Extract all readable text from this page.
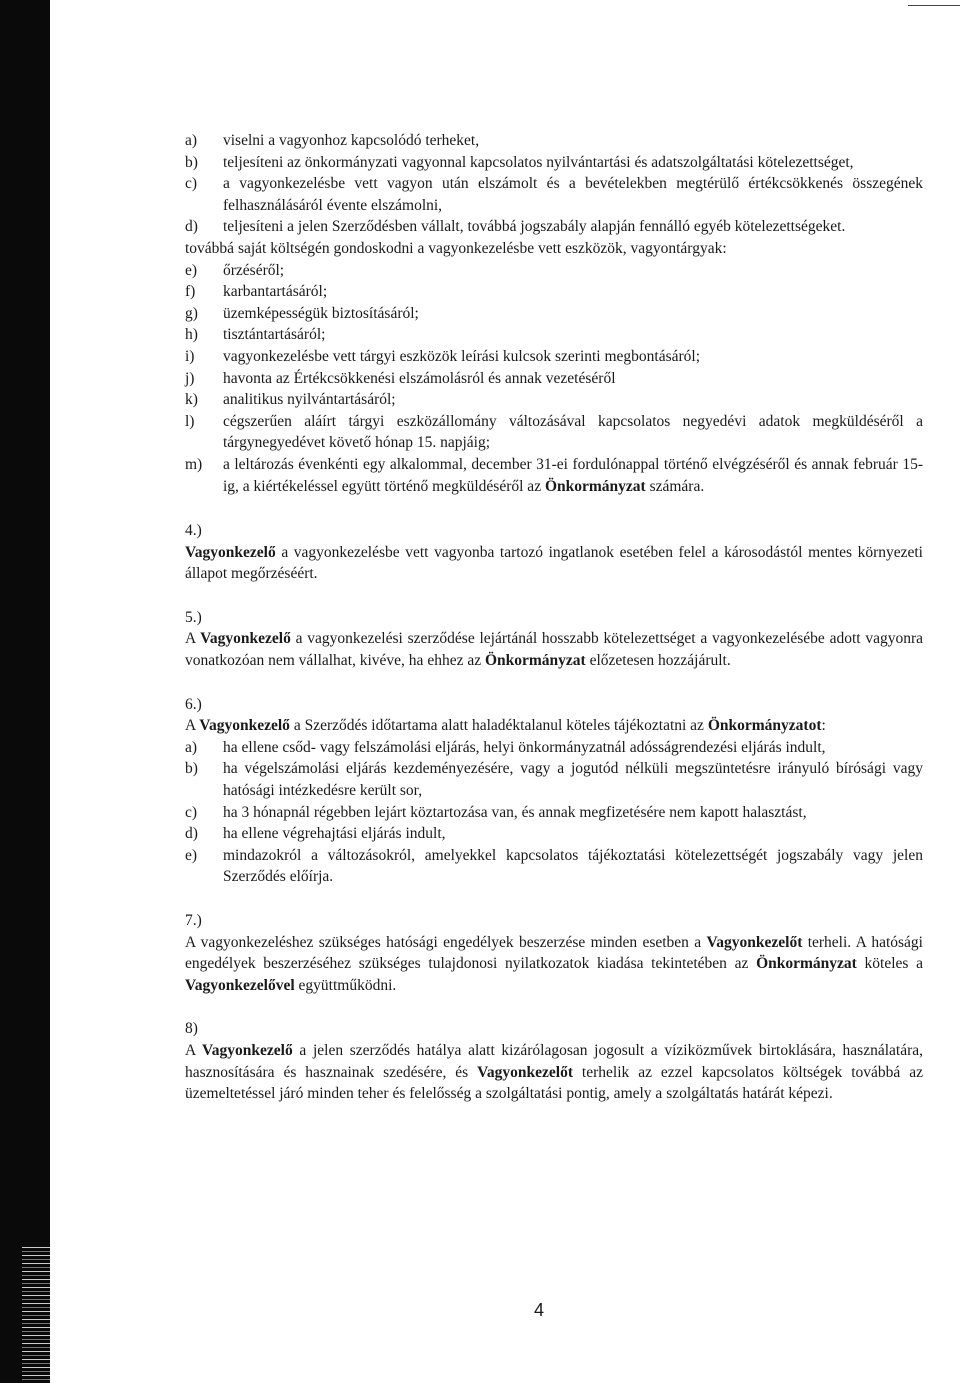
a)	viselni a vagyonhoz kapcsolódó terheket,
b)	teljesíteni az önkormányzati vagyonnal kapcsolatos nyilvántartási és adatszolgáltatási kötelezettséget,
c)	a vagyonkezelésbe vett vagyon után elszámolt és a bevételekben megtérülő értékcsökkenés összegének felhasználásáról évente elszámolni,
d)	teljesíteni a jelen Szerződésben vállalt, továbbá jogszabály alapján fennálló egyéb kötelezettségeket.
továbbá saját költségén gondoskodni a vagyonkezelésbe vett eszközök, vagyontárgyak:
e)	őrzéséről;
f)	karbantartásáról;
g)	üzemképességük biztosításáról;
h)	tisztántartásáról;
i)	vagyonkezelésbe vett tárgyi eszközök leírási kulcsok szerinti megbontásáról;
j)	havonta az Értékcsökkenési elszámolásról és annak vezetéséről
k)	analitikus nyilvántartásáról;
l)	cégszerűen aláírt tárgyi eszközállomány változásával kapcsolatos negyedévi adatok megküldéséről a tárgynegyedévet követő hónap 15. napjáig;
m)	a leltározás évenkénti egy alkalommal, december 31-ei fordulónappal történő elvégzéséről és annak február 15-ig, a kiértékeléssel együtt történő megküldéséről az Önkormányzat számára.
4.)
Vagyonkezelő a vagyonkezelésbe vett vagyonba tartozó ingatlanok esetében felel a károsodástól mentes környezeti állapot megőrzéséért.
5.)
A Vagyonkezelő a vagyonkezelési szerződése lejártánál hosszabb kötelezettséget a vagyonkezelésébe adott vagyonra vonatkozóan nem vállalhat, kivéve, ha ehhez az Önkormányzat előzetesen hozzájárult.
6.)
A Vagyonkezelő a Szerződés időtartama alatt haladéktalanul köteles tájékoztatni az Önkormányzatot:
a)	ha ellene csőd- vagy felszámolási eljárás, helyi önkormányzatnál adósságrendezési eljárás indult,
b)	ha végelszámolási eljárás kezdeményezésére, vagy a jogutód nélküli megszüntetésre irányuló bírósági vagy hatósági intézkedésre került sor,
c)	ha 3 hónapnál régebben lejárt köztartozása van, és annak megfizetésére nem kapott halasztást,
d)	ha ellene végrehajtási eljárás indult,
e)	mindazokról a változásokról, amelyekkel kapcsolatos tájékoztatási kötelezettségét jogszabály vagy jelen Szerződés előírja.
7.)
A vagyonkezeléshez szükséges hatósági engedélyek beszerzése minden esetben a Vagyonkezelőt terheli. A hatósági engedélyek beszerzéséhez szükséges tulajdonosi nyilatkozatok kiadása tekintetében az Önkormányzat köteles a Vagyonkezelővel együttműködni.
8)
A Vagyonkezelő a jelen szerződés hatálya alatt kizárólagosan jogosult a víziközművek birtoklására, használatára, hasznosítására és hasznainak szedésére, és Vagyonkezelőt terhelik az ezzel kapcsolatos költségek továbbá az üzemeltetéssel járó minden teher és felelősség a szolgáltatási pontig, amely a szolgáltatás határát képezi.
4
